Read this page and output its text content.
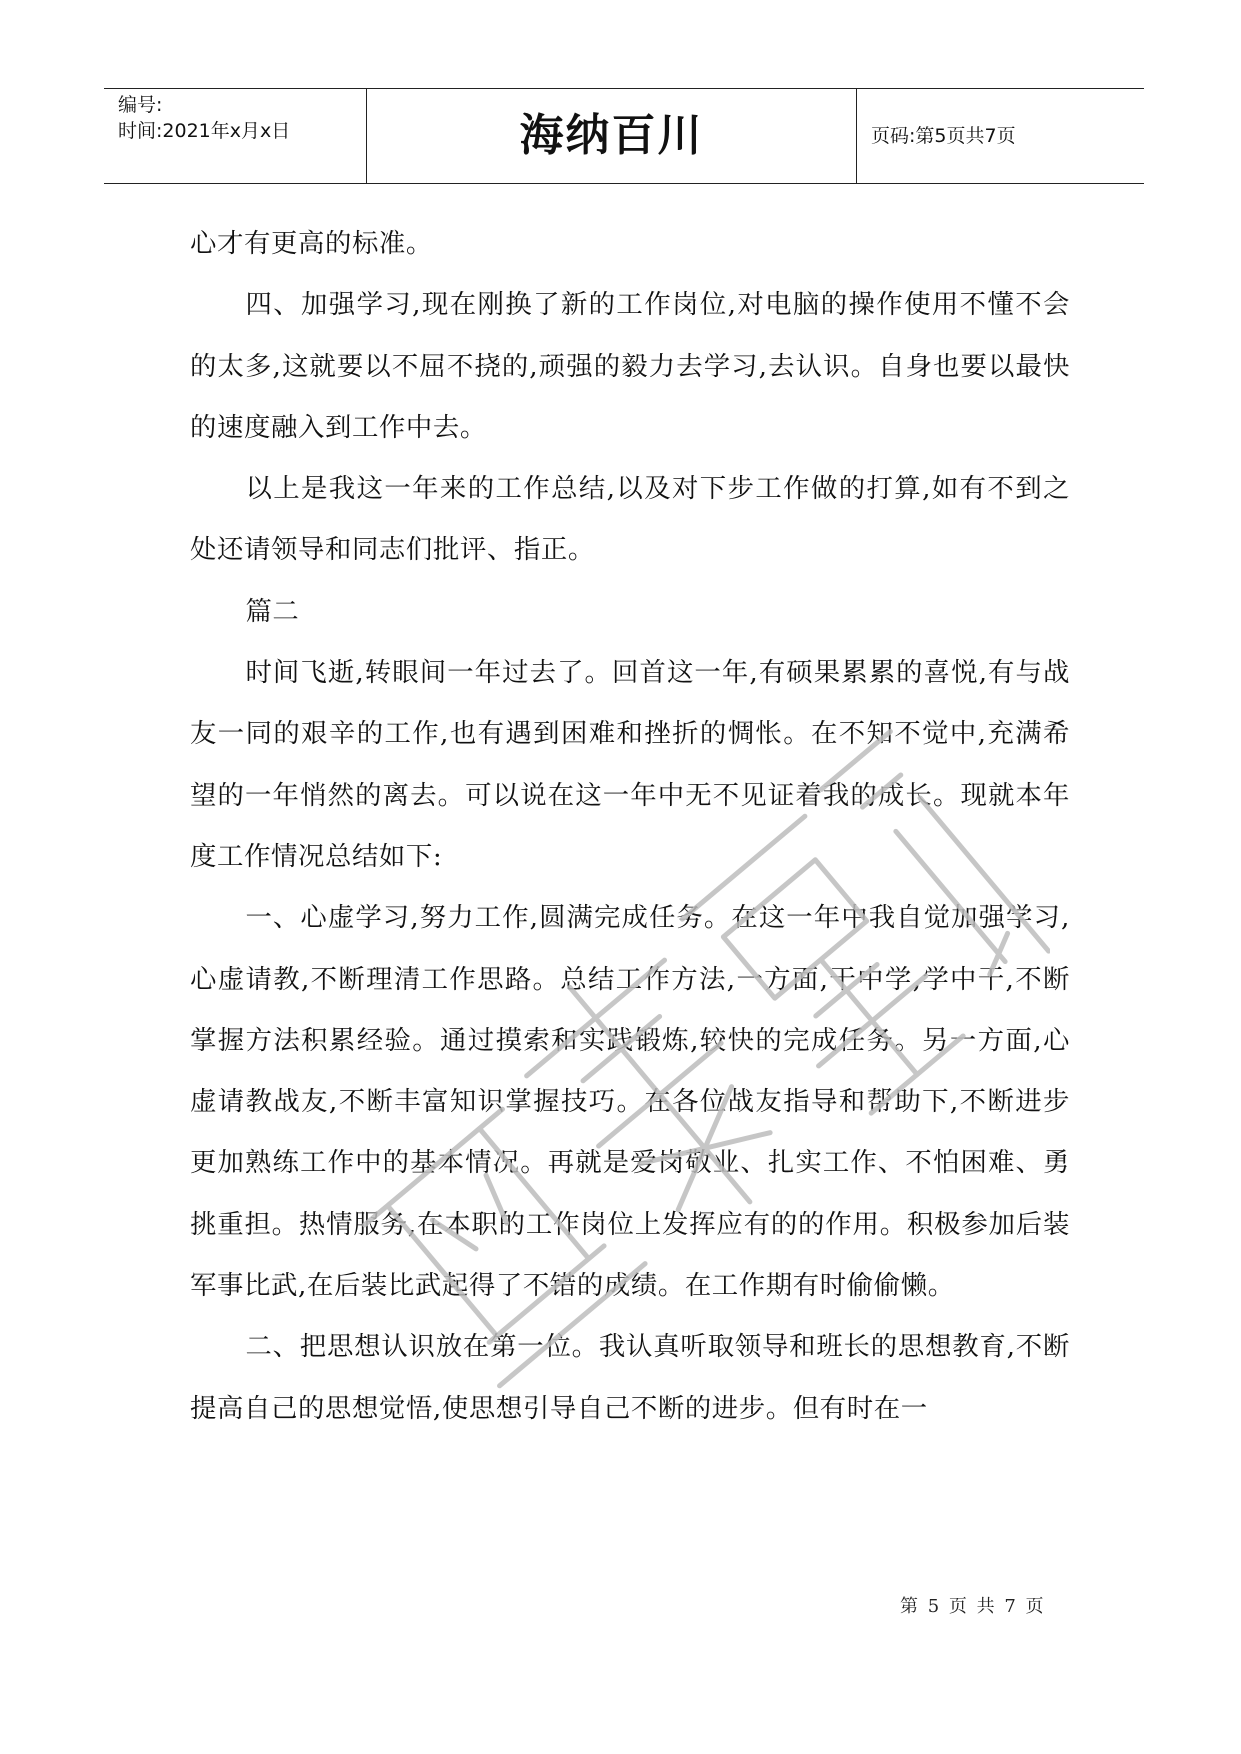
编号:
时间:2021年x月x日	海纳百川	页码:第5页共7页

心才有更高的标准。

四、加强学习,现在刚换了新的工作岗位,对电脑的操作使用不懂不会的太多,这就要以不屈不挠的,顽强的毅力去学习,去认识。自身也要以最快的速度融入到工作中去。

以上是我这一年来的工作总结,以及对下步工作做的打算,如有不到之处还请领导和同志们批评、指正。

篇二

时间飞逝,转眼间一年过去了。回首这一年,有硕果累累的喜悦,有与战友一同的艰辛的工作,也有遇到困难和挫折的惆怅。在不知不觉中,充满希望的一年悄然的离去。可以说在这一年中无不见证着我的成长。现就本年度工作情况总结如下:

一、心虚学习,努力工作,圆满完成任务。在这一年中我自觉加强学习,心虚请教,不断理清工作思路。总结工作方法,一方面,干中学,学中干,不断掌握方法积累经验。通过摸索和实践锻炼,较快的完成任务。另一方面,心虚请教战友,不断丰富知识掌握技巧。在各位战友指导和帮助下,不断进步更加熟练工作中的基本情况。再就是爱岗敬业、扎实工作、不怕困难、勇挑重担。热情服务,在本职的工作岗位上发挥应有的的作用。积极参加后装军事比武,在后装比武起得了不错的成绩。在工作期有时偷偷懒。

二、把思想认识放在第一位。我认真听取领导和班长的思想教育,不断提高自己的思想觉悟,使思想引导自己不断的进步。但有时在一

第 5 页 共 7 页
严禁复制
